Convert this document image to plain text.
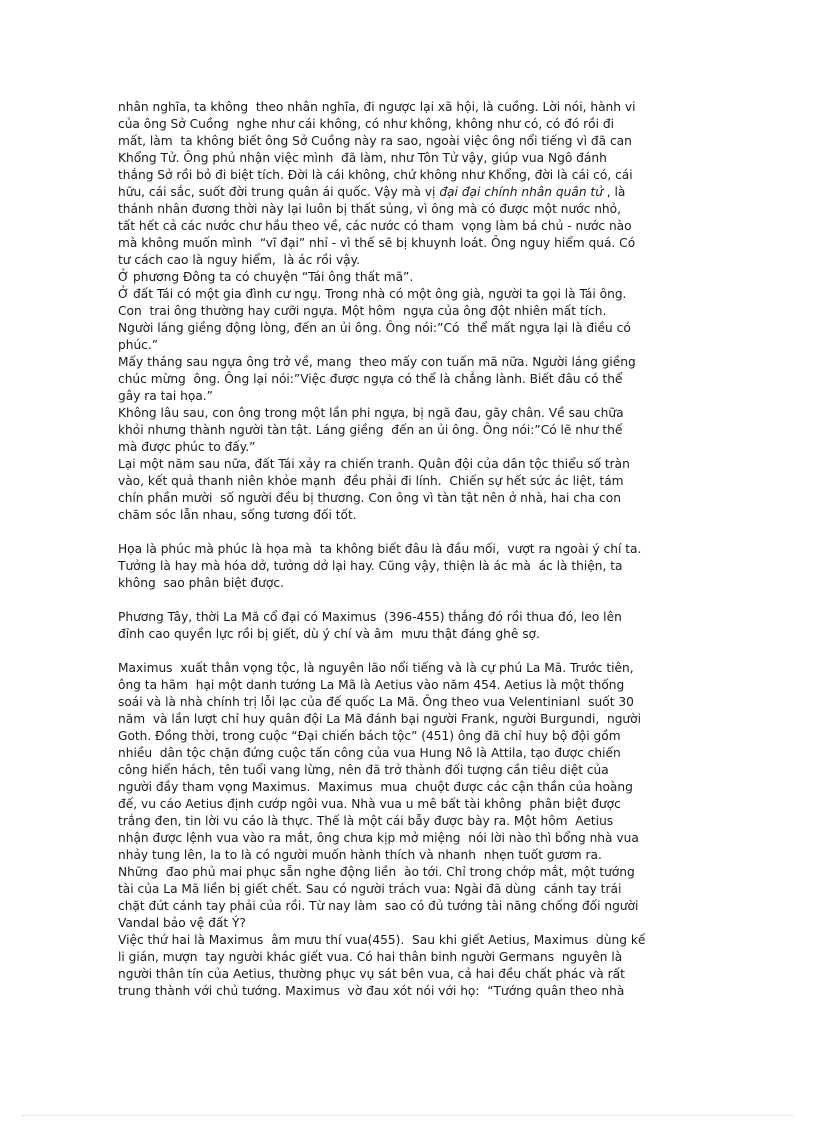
nhân nghĩa, ta không  theo nhân nghĩa, đi ngược lại xã hội, là cuồng. Lời nói, hành vi
của ông Sở Cuồng  nghe như cái không, có như không, không như có, có đó rồi đi
mất, làm  ta không biết ông Sở Cuồng này ra sao, ngoài việc ông nổi tiếng vì đã can
Khổng Tử. Ông phủ nhận việc mình  đã làm, như Tôn Tử vậy, giúp vua Ngô đánh
thắng Sở rồi bỏ đi biệt tích. Đời là cái không, chứ không như Khổng, đời là cái có, cái
hữu, cái sắc, suốt đời trung quân ái quốc. Vậy mà vị đại đại chính nhân quân tử , là
thánh nhân đương thời này lại luôn bị thất sủng, vì ông mà có được một nước nhỏ,
tất hết cả các nước chư hầu theo về, các nước có tham  vọng làm bá chủ - nước nào
mà không muốn mình  “vĩ đại” nhỉ - vì thế sẽ bị khuynh loát. Ông nguy hiểm quá. Có
tư cách cao là nguy hiểm,  là ác rồi vậy.
Ở phương Đông ta có chuyện “Tái ông thất mã”.
Ở đất Tái có một gia đình cư ngụ. Trong nhà có một ông già, người ta gọi là Tái ông.
Con  trai ông thường hay cưỡi ngựa. Một hôm  ngựa của ông đột nhiên mất tích.
Người láng giềng động lòng, đến an ủi ông. Ông nói:”Có  thể mất ngựa lại là điều có
phúc.”
Mấy tháng sau ngựa ông trở về, mang  theo mấy con tuấn mã nữa. Người láng giềng
chúc mừng  ông. Ông lại nói:”Việc được ngựa có thể là chẳng lành. Biết đâu có thể
gây ra tai họa.”
Không lâu sau, con ông trong một lần phi ngựa, bị ngã đau, gãy chân. Về sau chữa
khỏi nhưng thành người tàn tật. Láng giềng  đến an ủi ông. Ông nói:”Có lẽ như thế
mà được phúc to đấy.”
Lại một năm sau nữa, đất Tái xảy ra chiến tranh. Quân đội của dân tộc thiểu số tràn
vào, kết quả thanh niên khỏe mạnh  đều phải đi lính.  Chiến sự hết sức ác liệt, tám
chín phần mười  số người đều bị thương. Con ông vì tàn tật nên ở nhà, hai cha con
chăm sóc lẫn nhau, sống tương đối tốt.
Họa là phúc mà phúc là họa mà  ta không biết đâu là đầu mối,  vượt ra ngoài ý chí ta.
Tưởng là hay mà hóa dở, tưởng dở lại hay. Cũng vậy, thiện là ác mà  ác là thiện, ta
không  sao phân biệt được.
Phương Tây, thời La Mã cổ đại có Maximus  (396-455) thắng đó rồi thua đó, leo lên
đỉnh cao quyền lực rồi bị giết, dù ý chí và âm  mưu thật đáng ghê sợ.
Maximus  xuất thân vọng tộc, là nguyên lão nổi tiếng và là cự phú La Mã. Trước tiên,
ông ta hãm  hại một danh tướng La Mã là Aetius vào năm 454. Aetius là một thống
soái và là nhà chính trị lỗi lạc của đế quốc La Mã. Ông theo vua Velentinianl  suốt 30
năm  và lần lượt chỉ huy quân đội La Mã đánh bại người Frank, người Burgundi,  người
Goth. Đồng thời, trong cuộc “Đại chiến bách tộc” (451) ông đã chỉ huy bộ đội gồm
nhiều  dân tộc chặn đứng cuộc tấn công của vua Hung Nô là Attila, tạo được chiến
công hiển hách, tên tuổi vang lừng, nên đã trở thành đối tượng cần tiêu diệt của
người đầy tham vọng Maximus.  Maximus  mua  chuột được các cận thần của hoàng
đế, vu cáo Aetius định cướp ngôi vua. Nhà vua u mê bất tài không  phân biệt được
trắng đen, tin lời vu cáo là thực. Thế là một cái bẫy được bày ra. Một hôm  Aetius
nhận được lệnh vua vào ra mắt, ông chưa kịp mở miệng  nói lời nào thì bổng nhà vua
nhảy tung lên, la to là có người muốn hành thích và nhanh  nhẹn tuốt gươm ra.
Những  đao phủ mai phục sẵn nghe động liền  ào tới. Chỉ trong chớp mắt, một tướng
tài của La Mã liền bị giết chết. Sau có người trách vua: Ngài đã dùng  cánh tay trái
chặt đứt cánh tay phải của rồi. Từ nay làm  sao có đủ tướng tài năng chống đối người
Vandal bảo vệ đất Ý?
Việc thứ hai là Maximus  âm mưu thí vua(455).  Sau khi giết Aetius, Maximus  dùng kế
li gián, mượn  tay người khác giết vua. Có hai thân binh người Germans  nguyên là
người thân tín của Aetius, thường phục vụ sát bên vua, cả hai đều chất phác và rất
trung thành với chủ tướng. Maximus  vờ đau xót nói với họ:  “Tướng quân theo nhà
